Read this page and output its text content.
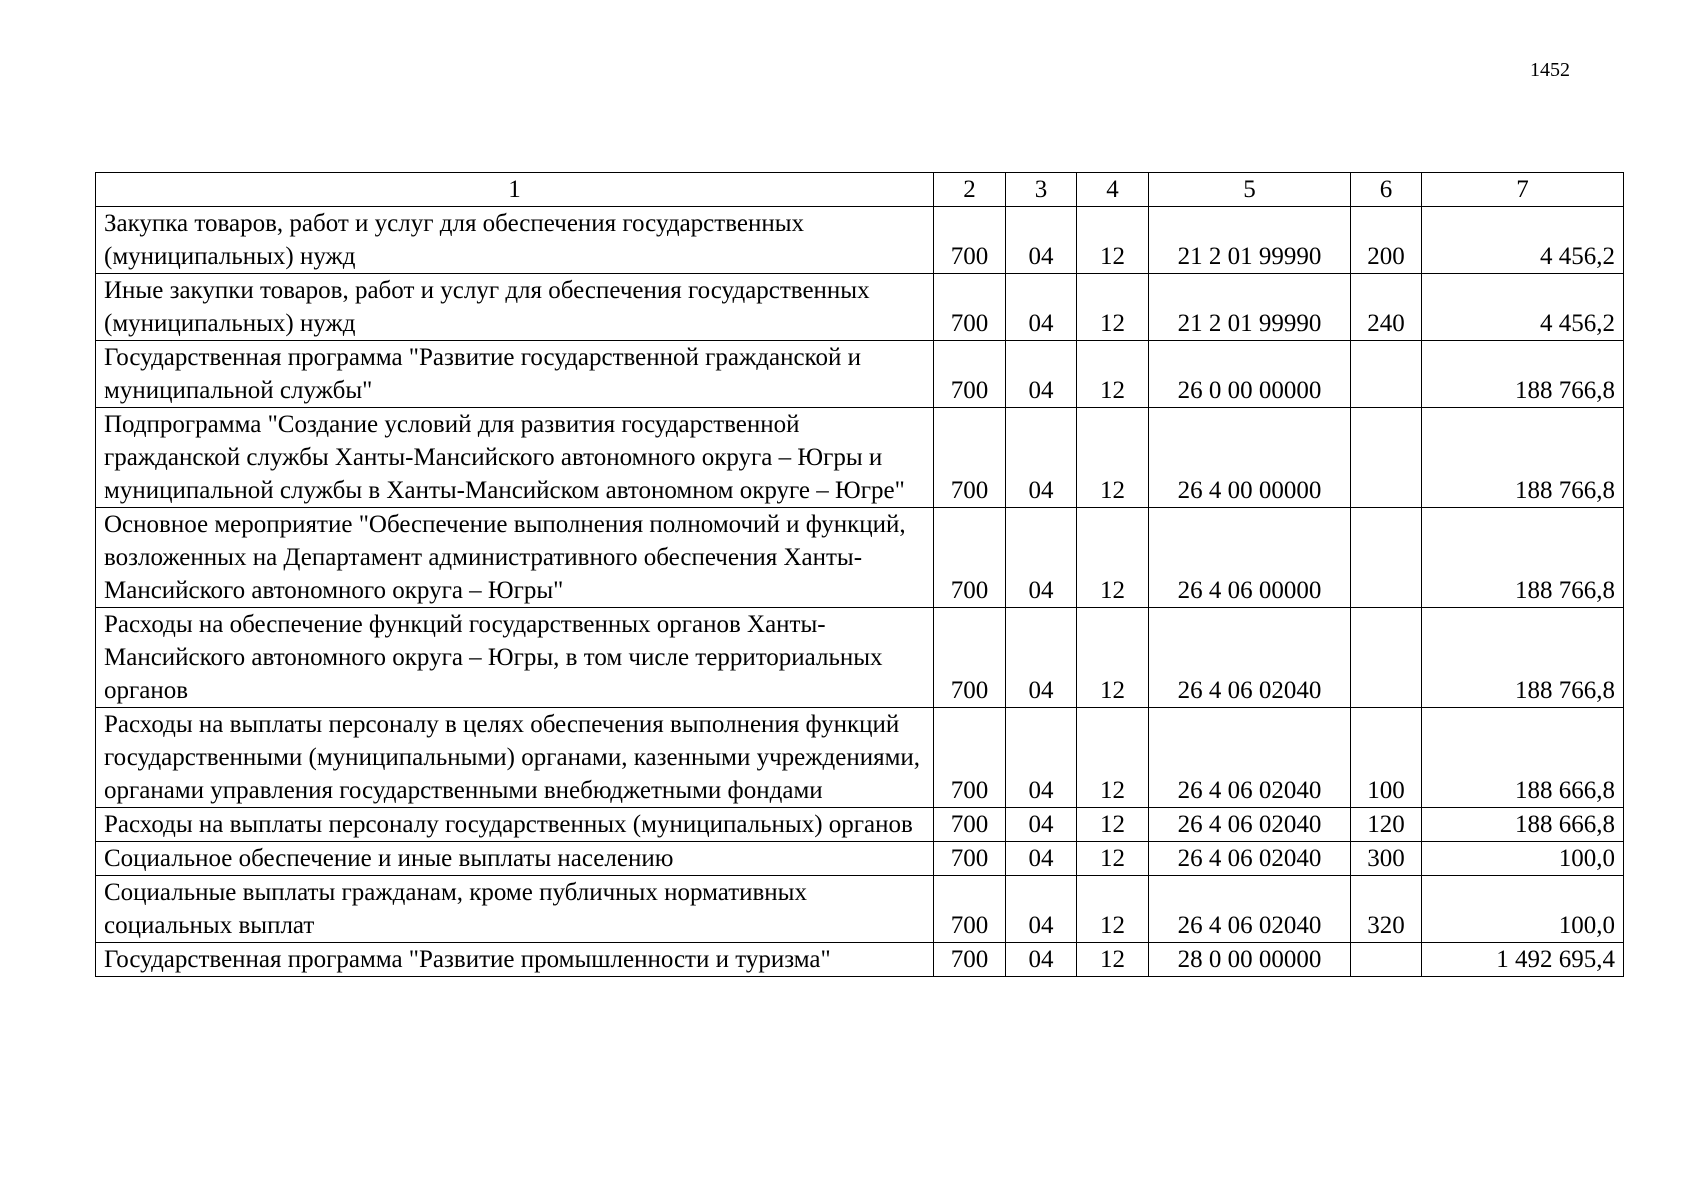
1452
1	2	3	4	5	6	7
Закупка товаров, работ и услуг для обеспечения государственных (муниципальных) нужд	700	04	12	21 2 01 99990	200	4 456,2
Иные закупки товаров, работ и услуг для обеспечения государственных (муниципальных) нужд	700	04	12	21 2 01 99990	240	4 456,2
Государственная программа "Развитие государственной гражданской и муниципальной службы"	700	04	12	26 0 00 00000		188 766,8
Подпрограмма "Создание условий для развития государственной гражданской службы Ханты-Мансийского автономного округа – Югры и муниципальной службы в Ханты-Мансийском автономном округе – Югре"	700	04	12	26 4 00 00000		188 766,8
Основное мероприятие "Обеспечение выполнения полномочий и функций, возложенных на Департамент административного обеспечения Ханты-Мансийского автономного округа – Югры"	700	04	12	26 4 06 00000		188 766,8
Расходы на обеспечение функций государственных органов Ханты-Мансийского автономного округа – Югры, в том числе территориальных органов	700	04	12	26 4 06 02040		188 766,8
Расходы на выплаты персоналу в целях обеспечения выполнения функций государственными (муниципальными) органами, казенными учреждениями, органами управления государственными внебюджетными фондами	700	04	12	26 4 06 02040	100	188 666,8
Расходы на выплаты персоналу государственных (муниципальных) органов	700	04	12	26 4 06 02040	120	188 666,8
Социальное обеспечение и иные выплаты населению	700	04	12	26 4 06 02040	300	100,0
Социальные выплаты гражданам, кроме публичных нормативных социальных выплат	700	04	12	26 4 06 02040	320	100,0
Государственная программа "Развитие промышленности и туризма"	700	04	12	28 0 00 00000		1 492 695,4
